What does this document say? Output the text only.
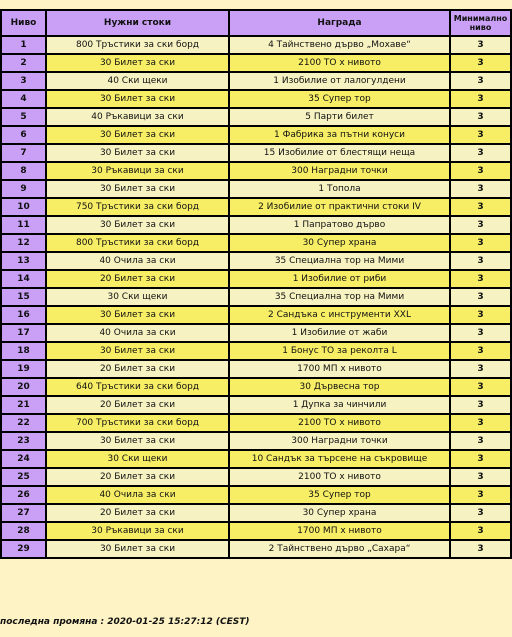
Ниво	Нужни стоки	Награда	Минимално ниво
1	800 Тръстики за ски борд	4 Тайнствено дърво „Мохаве“	3
2	30 Билет за ски	2100 ТО x нивото	3
3	40 Ски щеки	1 Изобилие от лалогулдени	3
4	30 Билет за ски	35 Супер тор	3
5	40 Ръкавици за ски	5 Парти билет	3
6	30 Билет за ски	1 Фабрика за пътни конуси	3
7	30 Билет за ски	15 Изобилие от блестящи неща	3
8	30 Ръкавици за ски	300 Наградни точки	3
9	30 Билет за ски	1 Топола	3
10	750 Тръстики за ски борд	2 Изобилие от практични стоки IV	3
11	30 Билет за ски	1 Папратово дърво	3
12	800 Тръстики за ски борд	30 Супер храна	3
13	40 Очила за ски	35 Специална тор на Мими	3
14	20 Билет за ски	1 Изобилие от риби	3
15	30 Ски щеки	35 Специална тор на Мими	3
16	30 Билет за ски	2 Сандъка с инструменти XXL	3
17	40 Очила за ски	1 Изобилие от жаби	3
18	30 Билет за ски	1 Бонус ТО за реколта L	3
19	20 Билет за ски	1700 МП x нивото	3
20	640 Тръстики за ски борд	30 Дървесна тор	3
21	20 Билет за ски	1 Дупка за чинчили	3
22	700 Тръстики за ски борд	2100 ТО x нивото	3
23	30 Билет за ски	300 Наградни точки	3
24	30 Ски щеки	10 Сандък за търсене на съкровище	3
25	20 Билет за ски	2100 ТО x нивото	3
26	40 Очила за ски	35 Супер тор	3
27	20 Билет за ски	30 Супер храна	3
28	30 Ръкавици за ски	1700 МП x нивото	3
29	30 Билет за ски	2 Тайнствено дърво „Сахара“	3
последна промяна : 2020-01-25 15:27:12 (CEST)
